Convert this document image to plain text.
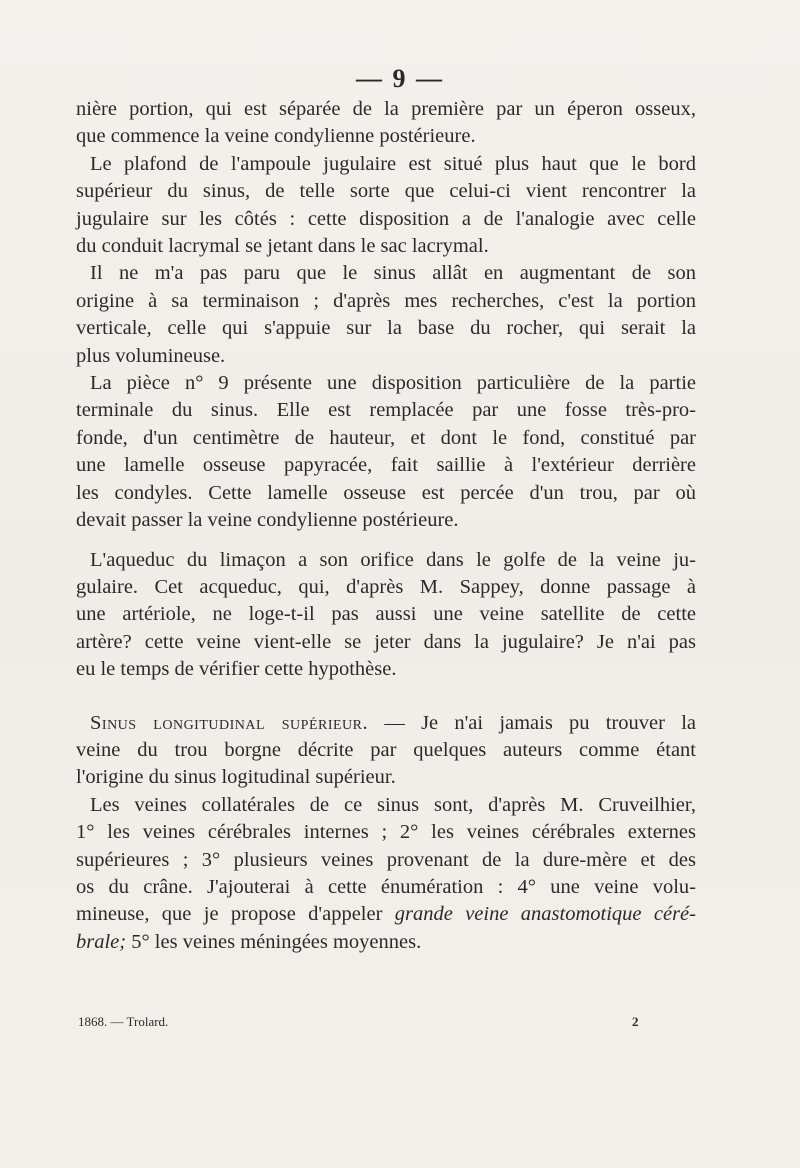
— 9 —
nière portion, qui est séparée de la première par un éperon osseux,
que commence la veine condylienne postérieure.
Le plafond de l'ampoule jugulaire est situé plus haut que le bord
supérieur du sinus, de telle sorte que celui-ci vient rencontrer la
jugulaire sur les côtés : cette disposition a de l'analogie avec celle
du conduit lacrymal se jetant dans le sac lacrymal.
Il ne m'a pas paru que le sinus allât en augmentant de son
origine à sa terminaison ; d'après mes recherches, c'est la portion
verticale, celle qui s'appuie sur la base du rocher, qui serait la
plus volumineuse.
La pièce n° 9 présente une disposition particulière de la partie
terminale du sinus. Elle est remplacée par une fosse très-pro-
fonde, d'un centimètre de hauteur, et dont le fond, constitué par
une lamelle osseuse papyracée, fait saillie à l'extérieur derrière
les condyles. Cette lamelle osseuse est percée d'un trou, par où
devait passer la veine condylienne postérieure.
L'aqueduc du limaçon a son orifice dans le golfe de la veine ju-
gulaire. Cet acqueduc, qui, d'après M. Sappey, donne passage à
une artériole, ne loge-t-il pas aussi une veine satellite de cette
artère? cette veine vient-elle se jeter dans la jugulaire? Je n'ai pas
eu le temps de vérifier cette hypothèse.
Sinus longitudinal supérieur. — Je n'ai jamais pu trouver la
veine du trou borgne décrite par quelques auteurs comme étant
l'origine du sinus logitudinal supérieur.
Les veines collatérales de ce sinus sont, d'après M. Cruveilhier,
1° les veines cérébrales internes ; 2° les veines cérébrales externes
supérieures ; 3° plusieurs veines provenant de la dure-mère et des
os du crâne. J'ajouterai à cette énumération : 4° une veine volu-
mineuse, que je propose d'appeler grande veine anastomotique céré-
brale; 5° les veines méningées moyennes.
1868. — Trolard.	2
